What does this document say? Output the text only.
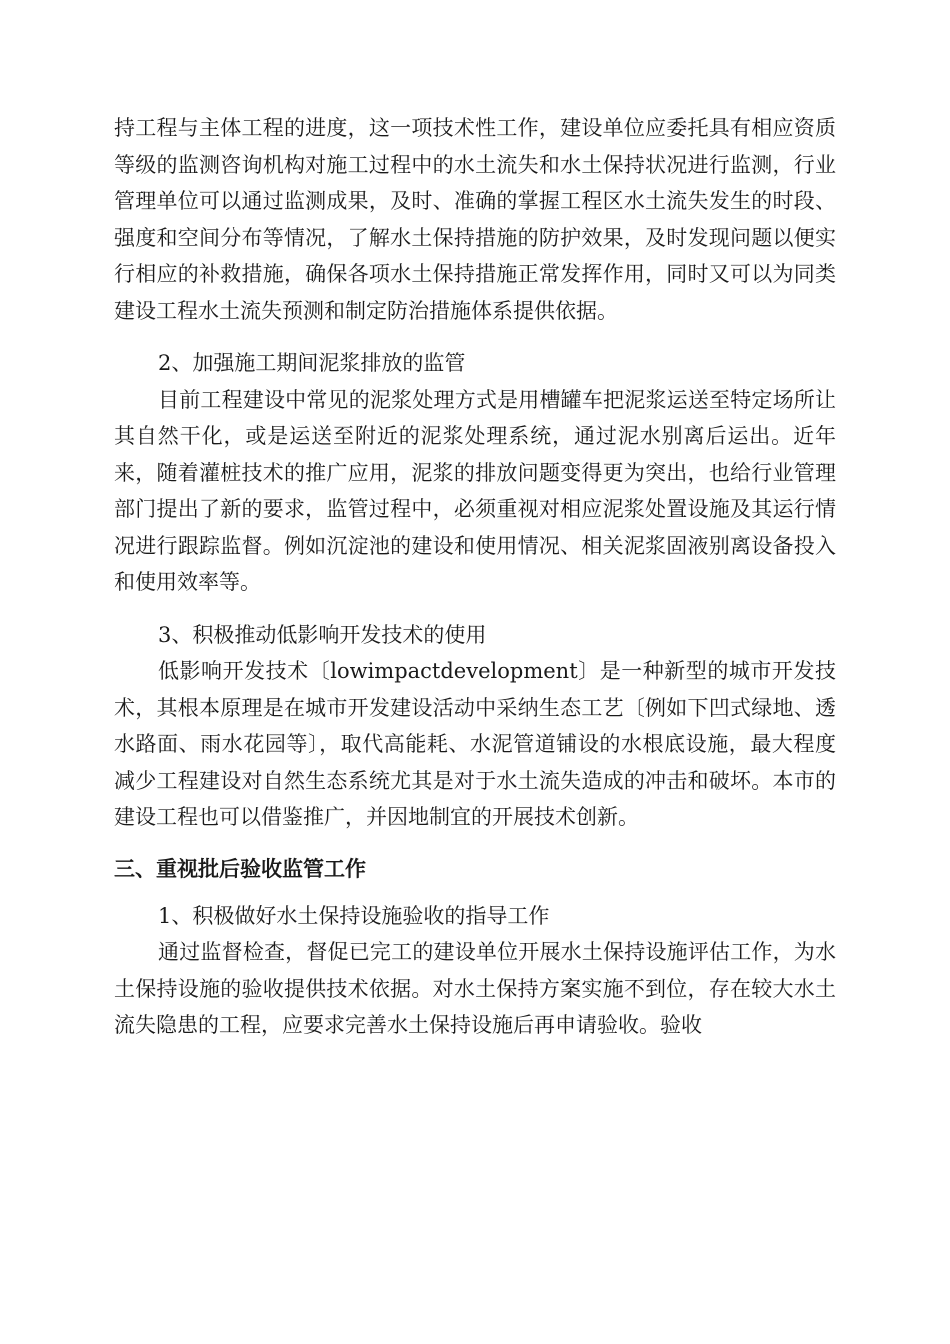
持工程与主体工程的进度，这一项技术性工作，建设单位应委托具有相应资质等级的监测咨询机构对施工过程中的水土流失和水土保持状况进行监测，行业管理单位可以通过监测成果，及时、准确的掌握工程区水土流失发生的时段、强度和空间分布等情况，了解水土保持措施的防护效果，及时发现问题以便实行相应的补救措施，确保各项水土保持措施正常发挥作用，同时又可以为同类建设工程水土流失预测和制定防治措施体系提供依据。

2、加强施工期间泥浆排放的监管

目前工程建设中常见的泥浆处理方式是用槽罐车把泥浆运送至特定场所让其自然干化，或是运送至附近的泥浆处理系统，通过泥水别离后运出。近年来，随着灌桩技术的推广应用，泥浆的排放问题变得更为突出，也给行业管理部门提出了新的要求，监管过程中，必须重视对相应泥浆处置设施及其运行情况进行跟踪监督。例如沉淀池的建设和使用情况、相关泥浆固液别离设备投入和使用效率等。

3、积极推动低影响开发技术的使用

低影响开发技术〔lowimpactdevelopment〕是一种新型的城市开发技术，其根本原理是在城市开发建设活动中采纳生态工艺〔例如下凹式绿地、透水路面、雨水花园等〕，取代高能耗、水泥管道铺设的水根底设施，最大程度减少工程建设对自然生态系统尤其是对于水土流失造成的冲击和破坏。本市的建设工程也可以借鉴推广，并因地制宜的开展技术创新。

三、重视批后验收监管工作

1、积极做好水土保持设施验收的指导工作

通过监督检查，督促已完工的建设单位开展水土保持设施评估工作，为水土保持设施的验收提供技术依据。对水土保持方案实施不到位，存在较大水土流失隐患的工程，应要求完善水土保持设施后再申请验收。验收
